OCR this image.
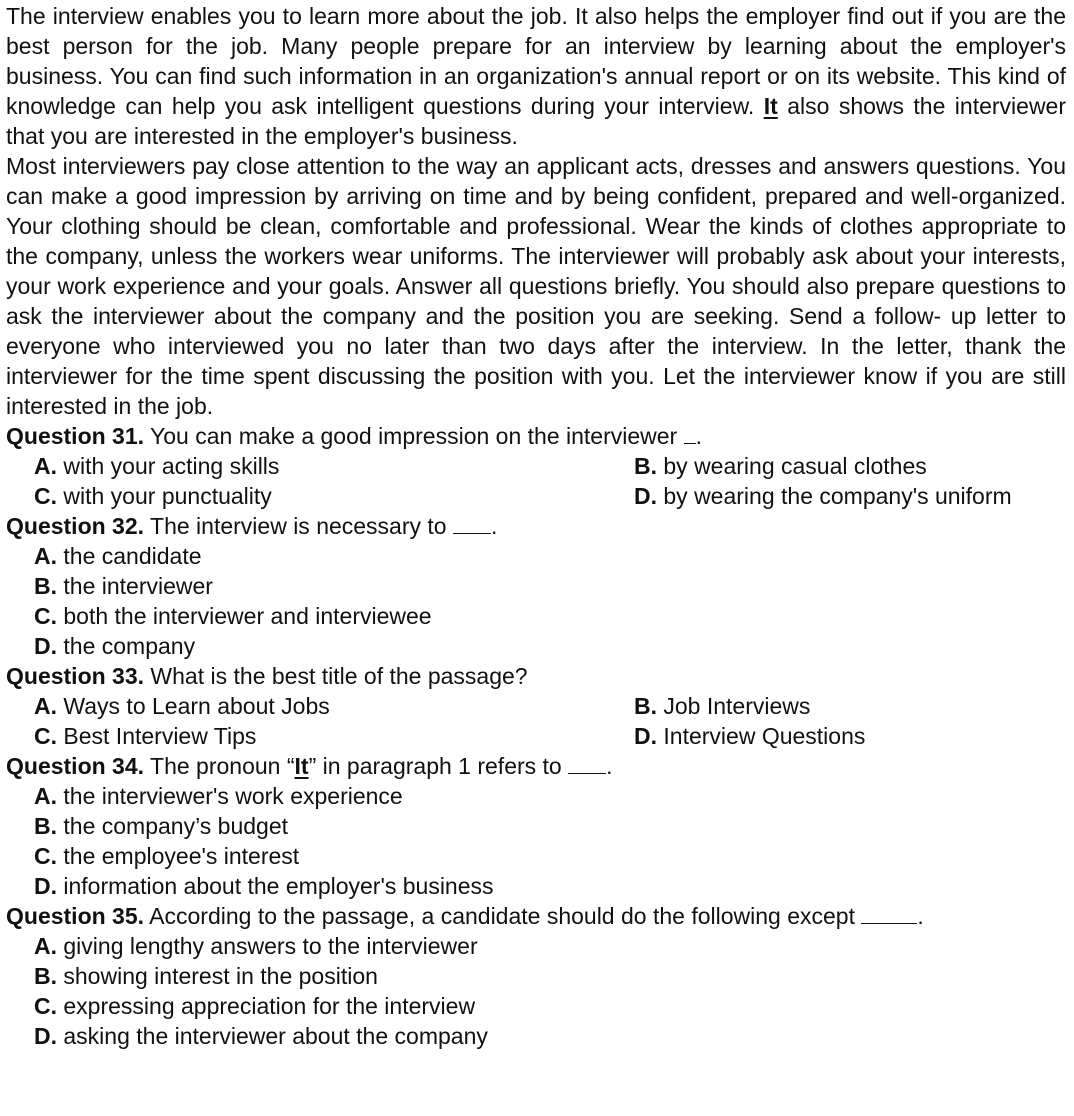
The interview enables you to learn more about the job. It also helps the employer find out if you are the best person for the job. Many people prepare for an interview by learning about the employer's business. You can find such information in an organization's annual report or on its website. This kind of knowledge can help you ask intelligent questions during your interview. It also shows the interviewer that you are interested in the employer's business.

Most interviewers pay close attention to the way an applicant acts, dresses and answers questions. You can make a good impression by arriving on time and by being confident, prepared and well-organized. Your clothing should be clean, comfortable and professional. Wear the kinds of clothes appropriate to the company, unless the workers wear uniforms. The interviewer will probably ask about your interests, your work experience and your goals. Answer all questions briefly. You should also prepare questions to ask the interviewer about the company and the position you are seeking. Send a follow- up letter to everyone who interviewed you no later than two days after the interview. In the letter, thank the interviewer for the time spent discussing the position with you. Let the interviewer know if you are still interested in the job.

Question 31. You can make a good impression on the interviewer .
A. with your acting skills	B. by wearing casual clothes
C. with your punctuality	D. by wearing the company's uniform
Question 32. The interview is necessary to .
A. the candidate
B. the interviewer
C. both the interviewer and interviewee
D. the company
Question 33. What is the best title of the passage?
A. Ways to Learn about Jobs	B. Job Interviews
C. Best Interview Tips	D. Interview Questions
Question 34. The pronoun “It” in paragraph 1 refers to .
A. the interviewer's work experience
B. the company’s budget
C. the employee's interest
D. information about the employer's business
Question 35. According to the passage, a candidate should do the following except .
A. giving lengthy answers to the interviewer
B. showing interest in the position
C. expressing appreciation for the interview
D. asking the interviewer about the company
